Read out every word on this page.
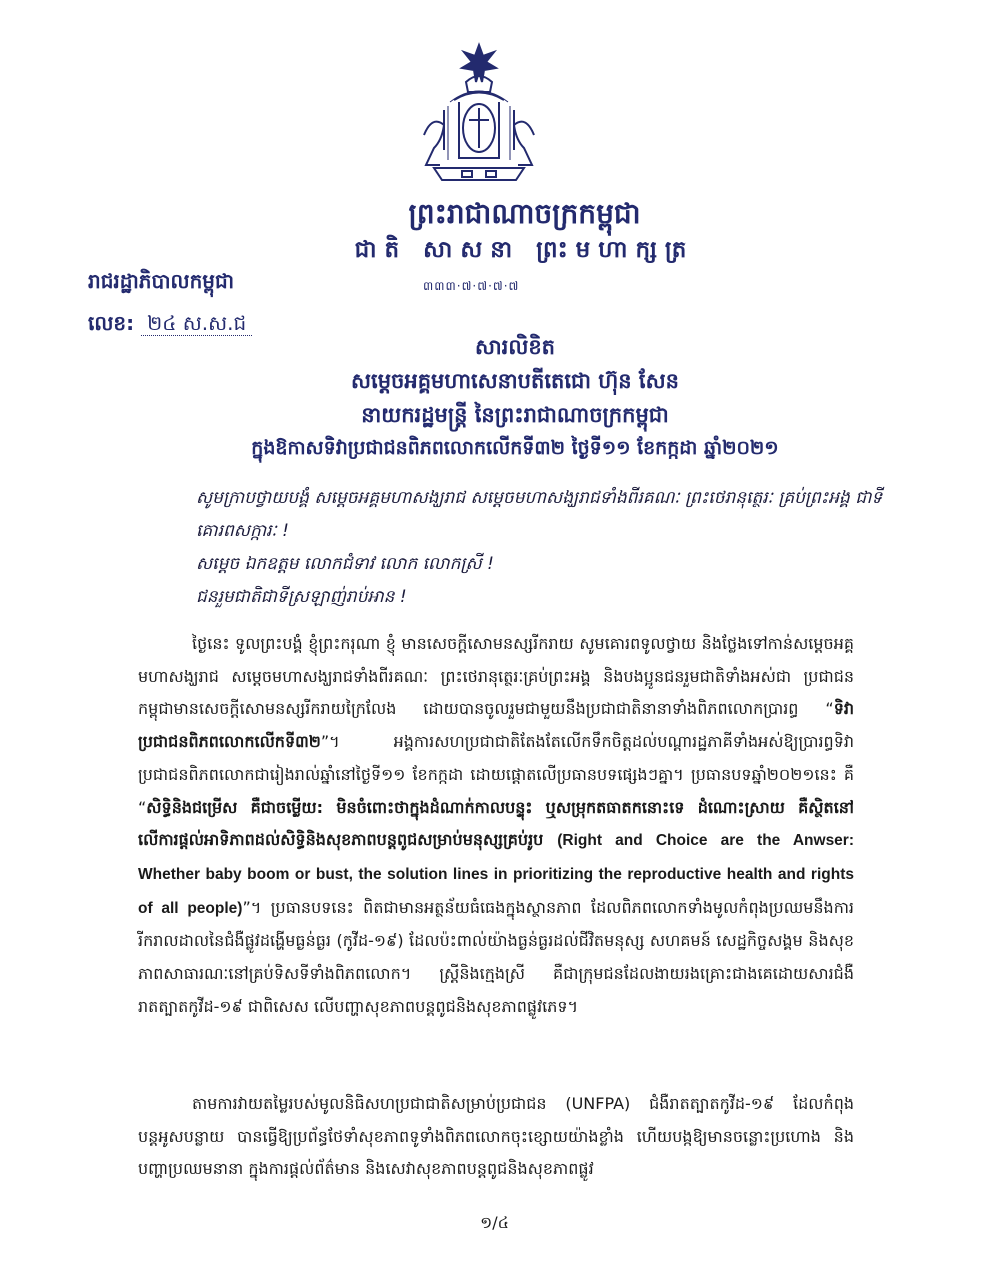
ព្រះរាជាណាចក្រកម្ពុជា
ជាតិ សាសនា ព្រះមហាក្សត្រ
៣៣៣·៧·៧·៧·៧
រាជរដ្ឋាភិបាលកម្ពុជា
លេខ: ២៤ ស.ស.ជ
សារលិខិត
សម្តេចអគ្គមហាសេនាបតីតេជោ ហ៊ុន សែន
នាយករដ្ឋមន្ត្រី នៃព្រះរាជាណាចក្រកម្ពុជា
ក្នុងឱកាសទិវាប្រជាជនពិភពលោកលើកទី៣២ ថ្ងៃទី១១ ខែកក្កដា ឆ្នាំ២០២១

សូមក្រាបថ្វាយបង្គំ សម្តេចអគ្គមហាសង្ឃរាជ សម្តេចមហាសង្ឃរាជទាំងពីរគណៈ ព្រះថេរានុត្ថេរៈ គ្រប់ព្រះអង្គ ជាទីគោរពសក្ការៈ !

សម្តេច ឯកឧត្តម លោកជំទាវ លោក លោកស្រី !

ជនរួមជាតិជាទីស្រឡាញ់រាប់អាន !

ថ្ងៃនេះ ទូលព្រះបង្គំ ខ្ញុំព្រះករុណា ខ្ញុំ មានសេចក្តីសោមនស្សរីករាយ សូមគោរពទូលថ្វាយ និងថ្លែងទៅកាន់សម្តេចអគ្គមហាសង្ឃរាជ សម្តេចមហាសង្ឃរាជទាំងពីរគណៈ ព្រះថេរានុត្ថេរៈគ្រប់ព្រះអង្គ និងបងប្អូនជនរួមជាតិទាំងអស់ជា ប្រជាជនកម្ពុជាមានសេចក្តីសោមនស្សរីករាយក្រៃលែង ដោយបានចូលរួមជាមួយនឹងប្រជាជាតិនានាទាំងពិភពលោកប្រារព្ធ “ទិវាប្រជាជនពិភពលោកលើកទី៣២”។ អង្គការសហប្រជាជាតិតែងតែលើកទឹកចិត្តដល់បណ្តារដ្ឋភាគីទាំងអស់ឱ្យប្រារព្ធទិវាប្រជាជនពិភពលោកជារៀងរាល់ឆ្នាំនៅថ្ងៃទី១១ ខែកក្កដា ដោយផ្តោតលើប្រធានបទផ្សេងៗគ្នា។ ប្រធានបទឆ្នាំ២០២១នេះ គឺ “សិទ្ធិនិងជម្រើស គឺជាចម្លើយ: មិនចំពោះថាក្នុងដំណាក់កាលបន្ទុះ ឬសម្រុកតធាតកនោះទេ ដំណោះស្រាយ គឺស្ថិតនៅលើការផ្តល់អាទិភាពដល់សិទ្ធិនិងសុខភាពបន្តពូជសម្រាប់មនុស្សគ្រប់រូប (Right and Choice are the Anwser: Whether baby boom or bust, the solution lines in prioritizing the reproductive health and rights of all people)”។ ប្រធានបទនេះ ពិតជាមានអត្ថន័យធំធេងក្នុងស្ថានភាព ដែលពិភពលោកទាំងមូលកំពុងប្រឈមនឹងការរីករាលដាលនៃជំងឺផ្លូវដង្ហើមធ្ងន់ធ្ងរ (កូវីដ-១៩) ដែលប៉ះពាល់យ៉ាងធ្ងន់ធ្ងរដល់ជីវិតមនុស្ស សហគមន៍ សេដ្ឋកិច្ចសង្គម និងសុខភាពសាធារណៈនៅគ្រប់ទិសទីទាំងពិភពលោក។ ស្ត្រីនិងក្មេងស្រី គឺជាក្រុមជនដែលងាយរងគ្រោះជាងគេដោយសារជំងឺរាតត្បាតកូវីដ-១៩ ជាពិសេស លើបញ្ហាសុខភាពបន្តពូជនិងសុខភាពផ្លូវភេទ។

តាមការវាយតម្លៃរបស់មូលនិធិសហប្រជាជាតិសម្រាប់ប្រជាជន (UNFPA) ជំងឺរាតត្បាតកូវីដ-១៩ ដែលកំពុងបន្តអូសបន្លាយ បានធ្វើឱ្យប្រព័ន្ធថែទាំសុខភាពទូទាំងពិភពលោកចុះខ្សោយយ៉ាងខ្លាំង ហើយបង្កឱ្យមានចន្លោះប្រហោង និងបញ្ហាប្រឈមនានា ក្នុងការផ្តល់ព័ត៌មាន និងសេវាសុខភាពបន្តពូជនិងសុខភាពផ្លូវ

១/៤
